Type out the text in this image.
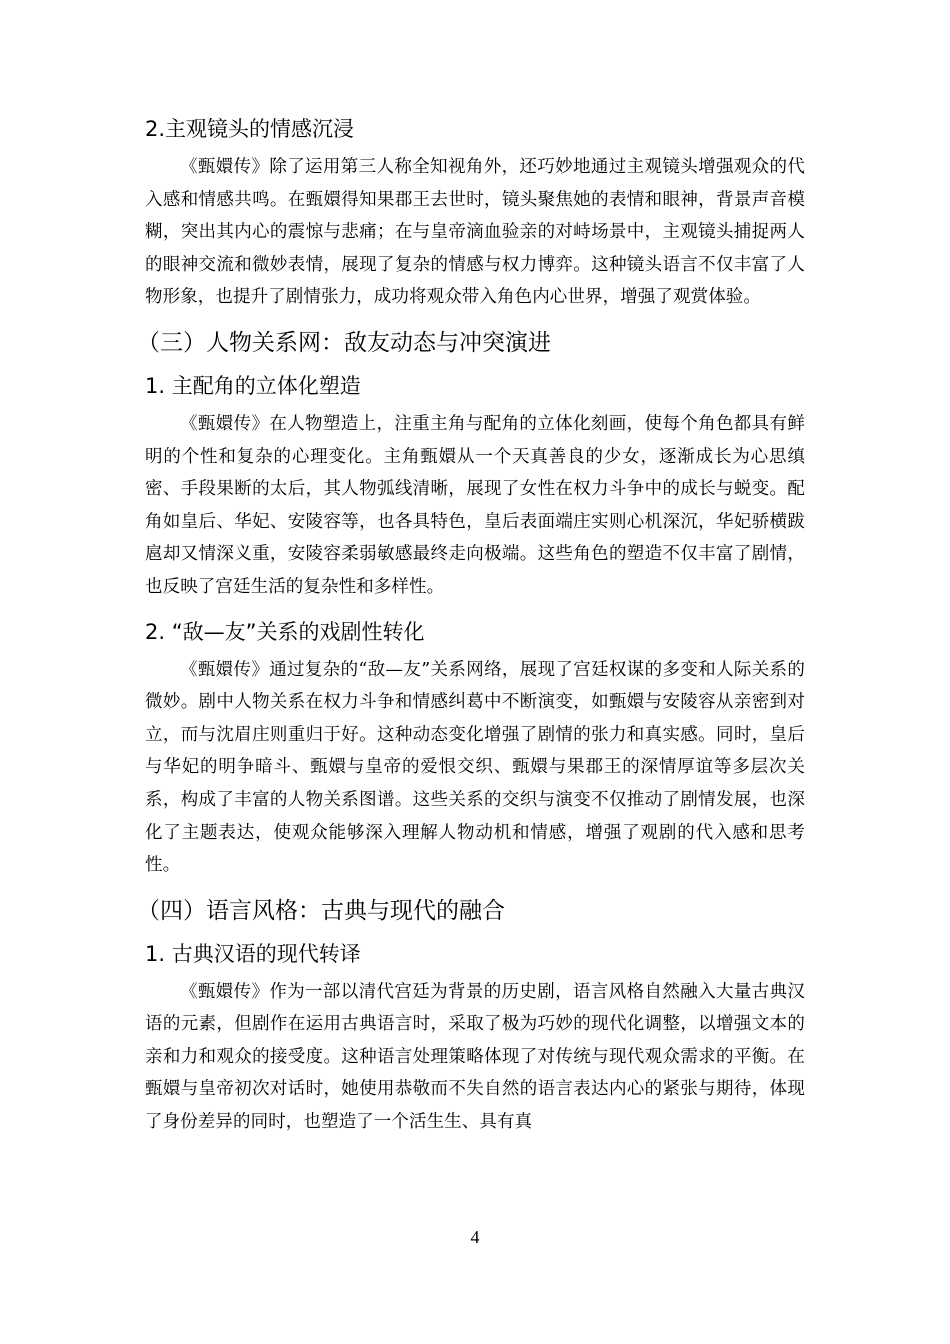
2.主观镜头的情感沉浸

《甄嬛传》除了运用第三人称全知视角外，还巧妙地通过主观镜头增强观众的代入感和情感共鸣。在甄嬛得知果郡王去世时，镜头聚焦她的表情和眼神，背景声音模糊，突出其内心的震惊与悲痛；在与皇帝滴血验亲的对峙场景中，主观镜头捕捉两人的眼神交流和微妙表情，展现了复杂的情感与权力博弈。这种镜头语言不仅丰富了人物形象，也提升了剧情张力，成功将观众带入角色内心世界，增强了观赏体验。

（三）人物关系网：敌友动态与冲突演进
1. 主配角的立体化塑造

《甄嬛传》在人物塑造上，注重主角与配角的立体化刻画，使每个角色都具有鲜明的个性和复杂的心理变化。主角甄嬛从一个天真善良的少女，逐渐成长为心思缜密、手段果断的太后，其人物弧线清晰，展现了女性在权力斗争中的成长与蜕变。配角如皇后、华妃、安陵容等，也各具特色，皇后表面端庄实则心机深沉，华妃骄横跋扈却又情深义重，安陵容柔弱敏感最终走向极端。这些角色的塑造不仅丰富了剧情，也反映了宫廷生活的复杂性和多样性。

2. “敌—友”关系的戏剧性转化

《甄嬛传》通过复杂的“敌—友”关系网络，展现了宫廷权谋的多变和人际关系的微妙。剧中人物关系在权力斗争和情感纠葛中不断演变，如甄嬛与安陵容从亲密到对立，而与沈眉庄则重归于好。这种动态变化增强了剧情的张力和真实感。同时，皇后与华妃的明争暗斗、甄嬛与皇帝的爱恨交织、甄嬛与果郡王的深情厚谊等多层次关系，构成了丰富的人物关系图谱。这些关系的交织与演变不仅推动了剧情发展，也深化了主题表达，使观众能够深入理解人物动机和情感，增强了观剧的代入感和思考性。

（四）语言风格：古典与现代的融合
1. 古典汉语的现代转译

《甄嬛传》作为一部以清代宫廷为背景的历史剧，语言风格自然融入大量古典汉语的元素，但剧作在运用古典语言时，采取了极为巧妙的现代化调整，以增强文本的亲和力和观众的接受度。这种语言处理策略体现了对传统与现代观众需求的平衡。在甄嬛与皇帝初次对话时，她使用恭敬而不失自然的语言表达内心的紧张与期待，体现了身份差异的同时，也塑造了一个活生生、具有真

4
